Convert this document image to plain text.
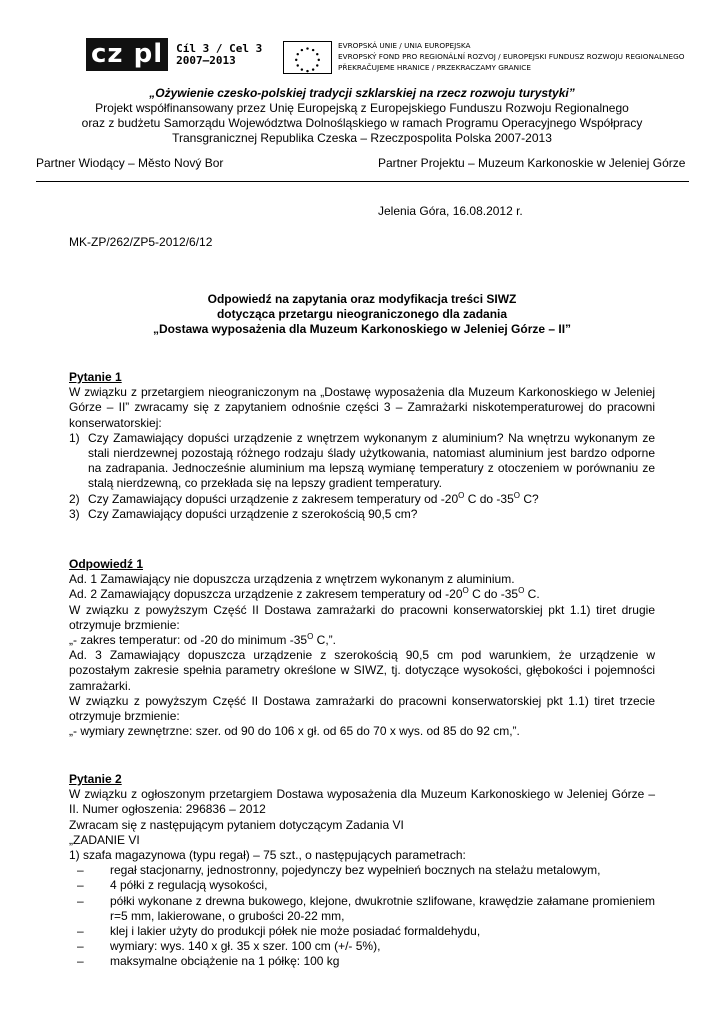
cz pl	Cíl 3 / Cel 3
2007–2013
EVROPSKÁ UNIE / UNIA EUROPEJSKA
EVROPSKÝ FOND PRO REGIONÁLNÍ ROZVOJ / EUROPEJSKI FUNDUSZ ROZWOJU REGIONALNEGO
PŘEKRAČUJEME HRANICE / PRZEKRACZAMY GRANICE
„Ożywienie czesko-polskiej tradycji szklarskiej na rzecz rozwoju turystyki”
Projekt współfinansowany przez Unię Europejską z Europejskiego Funduszu Rozwoju Regionalnego
oraz z budżetu Samorządu Województwa Dolnośląskiego w ramach Programu Operacyjnego Współpracy
Transgranicznej Republika Czeska – Rzeczpospolita Polska 2007-2013
Partner Wiodący – Město Nový Bor	Partner Projektu – Muzeum Karkonoskie w Jeleniej Górze
Jelenia Góra, 16.08.2012 r.
MK-ZP/262/ZP5-2012/6/12
Odpowiedź na zapytania oraz modyfikacja treści SIWZ
dotycząca przetargu nieograniczonego dla zadania
„Dostawa wyposażenia dla Muzeum Karkonoskiego w Jeleniej Górze – II”

Pytanie 1

W związku z przetargiem nieograniczonym na „Dostawę wyposażenia dla Muzeum Karkonoskiego w Jeleniej Górze – II” zwracamy się z zapytaniem odnośnie części 3 – Zamrażarki niskotemperaturowej do pracowni konserwatorskiej:

1) Czy Zamawiający dopuści urządzenie z wnętrzem wykonanym z aluminium? Na wnętrzu wykonanym ze stali nierdzewnej pozostają różnego rodzaju ślady użytkowania, natomiast aluminium jest bardzo odporne na zadrapania. Jednocześnie aluminium ma lepszą wymianę temperatury z otoczeniem w porównaniu ze stalą nierdzewną, co przekłada się na lepszy gradient temperatury.
2) Czy Zamawiający dopuści urządzenie z zakresem temperatury od $-20^O$ C do $-35^O$ C?
3) Czy Zamawiający dopuści urządzenie z szerokością 90,5 cm?

Odpowiedź 1

Ad. 1 Zamawiający nie dopuszcza urządzenia z wnętrzem wykonanym z aluminium.

Ad. 2 Zamawiający dopuszcza urządzenie z zakresem temperatury od $-20^O$ C do $-35^O$ C.

W związku z powyższym Część II Dostawa zamrażarki do pracowni konserwatorskiej pkt 1.1) tiret drugie otrzymuje brzmienie:

„- zakres temperatur: od -20 do minimum $-35^O$ C,”.

Ad. 3 Zamawiający dopuszcza urządzenie z szerokością 90,5 cm pod warunkiem, że urządzenie w pozostałym zakresie spełnia parametry określone w SIWZ, tj. dotyczące wysokości, głębokości i pojemności zamrażarki.

W związku z powyższym Część II Dostawa zamrażarki do pracowni konserwatorskiej pkt 1.1) tiret trzecie otrzymuje brzmienie:

„- wymiary zewnętrzne: szer. od 90 do 106 x gł. od 65 do 70 x wys. od 85 do 92 cm,”.

Pytanie 2

W związku z ogłoszonym przetargiem Dostawa wyposażenia dla Muzeum Karkonoskiego w Jeleniej Górze – II. Numer ogłoszenia: 296836 – 2012

Zwracam się z następującym pytaniem dotyczącym Zadania VI

„ZADANIE VI

1) szafa magazynowa (typu regał) – 75 szt., o następujących parametrach:

– regał stacjonarny, jednostronny, pojedynczy bez wypełnień bocznych na stelażu metalowym,
– 4 półki z regulacją wysokości,
– półki wykonane z drewna bukowego, klejone, dwukrotnie szlifowane, krawędzie załamane promieniem r=5 mm, lakierowane, o grubości 20-22 mm,
– klej i lakier użyty do produkcji półek nie może posiadać formaldehydu,
– wymiary: wys. 140 x gł. 35 x szer. 100 cm (+/- 5%),
– maksymalne obciążenie na 1 półkę: 100 kg
